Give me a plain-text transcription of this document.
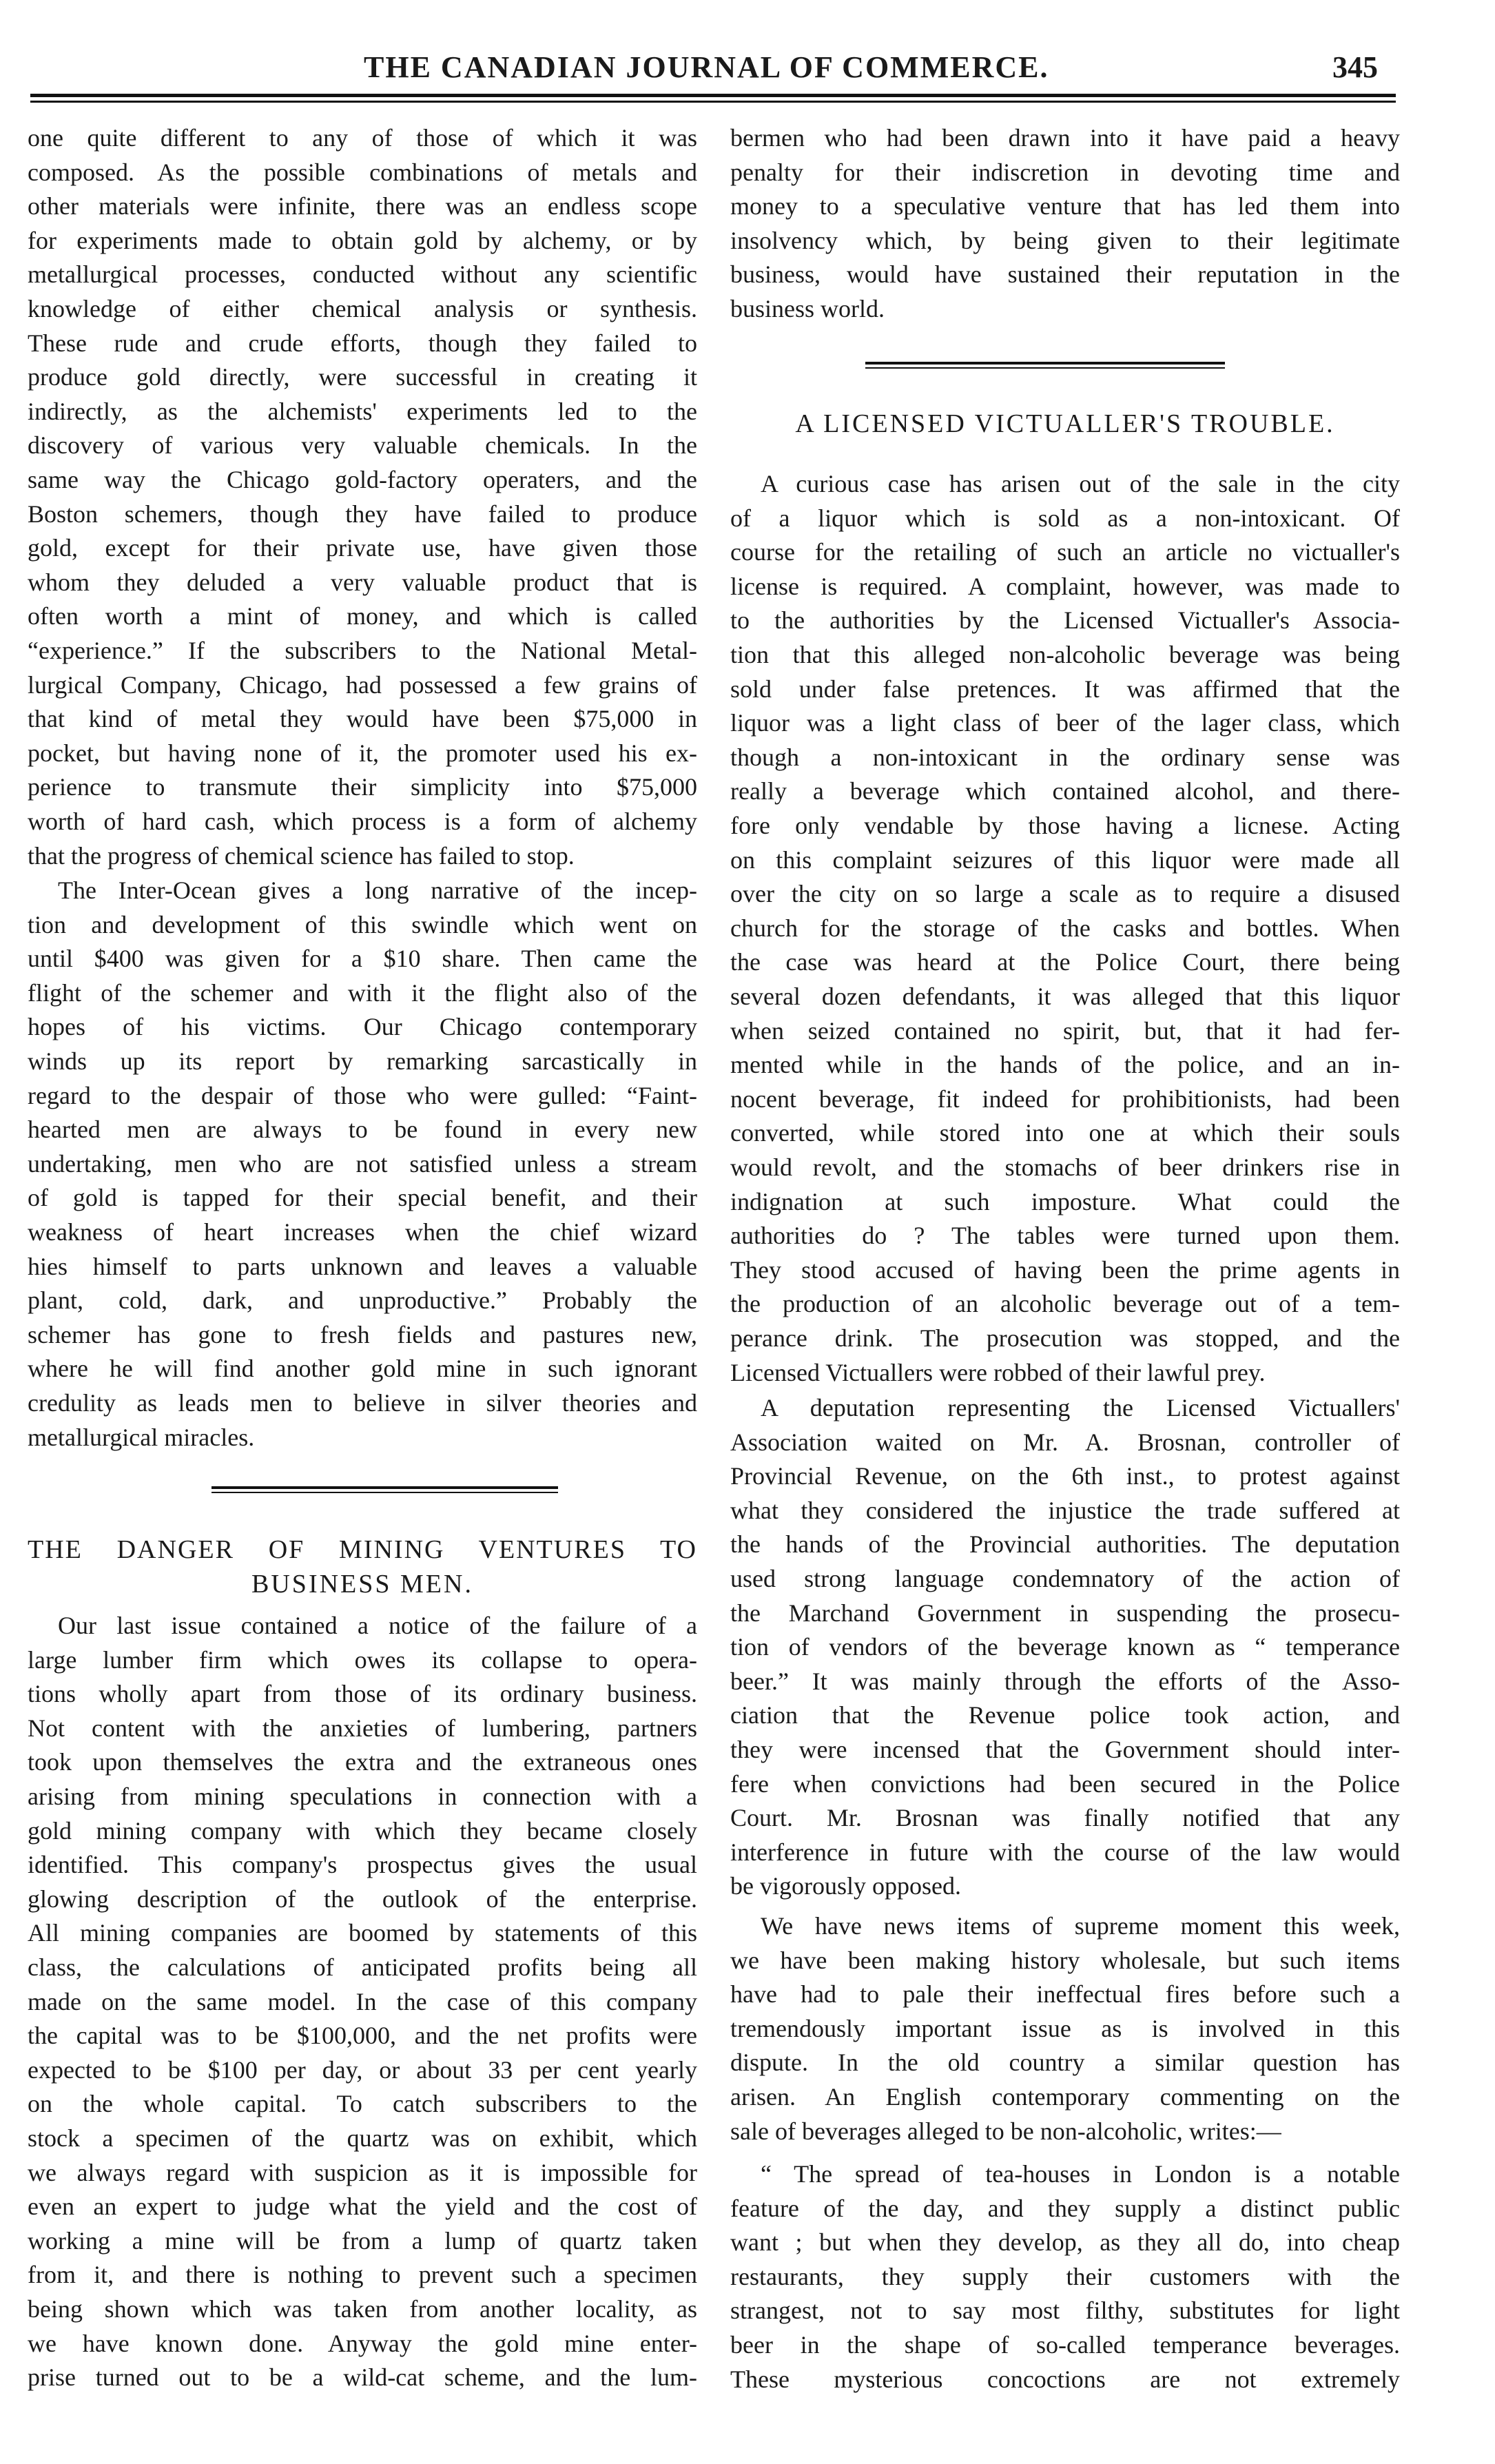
THE CANADIAN JOURNAL OF COMMERCE.	345
one quite different to any of those of which it was
composed. As the possible combinations of metals and
other materials were infinite, there was an endless scope
for experiments made to obtain gold by alchemy, or by
metallurgical processes, conducted without any scientific
knowledge of either chemical analysis or synthesis.
These rude and crude efforts, though they failed to
produce gold directly, were successful in creating it
indirectly, as the alchemists' experiments led to the
discovery of various very valuable chemicals. In the
same way the Chicago gold-factory operaters, and the
Boston schemers, though they have failed to produce
gold, except for their private use, have given those
whom they deluded a very valuable product that is
often worth a mint of money, and which is called
“experience.” If the subscribers to the National Metal-
lurgical Company, Chicago, had possessed a few grains of
that kind of metal they would have been $75,000 in
pocket, but having none of it, the promoter used his ex-
perience to transmute their simplicity into $75,000
worth of hard cash, which process is a form of alchemy
that the progress of chemical science has failed to stop.
The Inter-Ocean gives a long narrative of the incep-
tion and development of this swindle which went on
until $400 was given for a $10 share. Then came the
flight of the schemer and with it the flight also of the
hopes of his victims. Our Chicago contemporary
winds up its report by remarking sarcastically in
regard to the despair of those who were gulled: “Faint-
hearted men are always to be found in every new
undertaking, men who are not satisfied unless a stream
of gold is tapped for their special benefit, and their
weakness of heart increases when the chief wizard
hies himself to parts unknown and leaves a valuable
plant, cold, dark, and unproductive.” Probably the
schemer has gone to fresh fields and pastures new,
where he will find another gold mine in such ignorant
credulity as leads men to believe in silver theories and
metallurgical miracles.
THE DANGER OF MINING VENTURES TO
BUSINESS MEN.
Our last issue contained a notice of the failure of a
large lumber firm which owes its collapse to opera-
tions wholly apart from those of its ordinary business.
Not content with the anxieties of lumbering, partners
took upon themselves the extra and the extraneous ones
arising from mining speculations in connection with a
gold mining company with which they became closely
identified. This company's prospectus gives the usual
glowing description of the outlook of the enterprise.
All mining companies are boomed by statements of this
class, the calculations of anticipated profits being all
made on the same model. In the case of this company
the capital was to be $100,000, and the net profits were
expected to be $100 per day, or about 33 per cent yearly
on the whole capital. To catch subscribers to the
stock a specimen of the quartz was on exhibit, which
we always regard with suspicion as it is impossible for
even an expert to judge what the yield and the cost of
working a mine will be from a lump of quartz taken
from it, and there is nothing to prevent such a specimen
being shown which was taken from another locality, as
we have known done. Anyway the gold mine enter-
prise turned out to be a wild-cat scheme, and the lum-
bermen who had been drawn into it have paid a heavy
penalty for their indiscretion in devoting time and
money to a speculative venture that has led them into
insolvency which, by being given to their legitimate
business, would have sustained their reputation in the
business world.
A LICENSED VICTUALLER'S TROUBLE.
A curious case has arisen out of the sale in the city
of a liquor which is sold as a non-intoxicant. Of
course for the retailing of such an article no victualler's
license is required. A complaint, however, was made to
to the authorities by the Licensed Victualler's Associa-
tion that this alleged non-alcoholic beverage was being
sold under false pretences. It was affirmed that the
liquor was a light class of beer of the lager class, which
though a non-intoxicant in the ordinary sense was
really a beverage which contained alcohol, and there-
fore only vendable by those having a licnese. Acting
on this complaint seizures of this liquor were made all
over the city on so large a scale as to require a disused
church for the storage of the casks and bottles. When
the case was heard at the Police Court, there being
several dozen defendants, it was alleged that this liquor
when seized contained no spirit, but, that it had fer-
mented while in the hands of the police, and an in-
nocent beverage, fit indeed for prohibitionists, had been
converted, while stored into one at which their souls
would revolt, and the stomachs of beer drinkers rise in
indignation at such imposture. What could the
authorities do ? The tables were turned upon them.
They stood accused of having been the prime agents in
the production of an alcoholic beverage out of a tem-
perance drink. The prosecution was stopped, and the
Licensed Victuallers were robbed of their lawful prey.
A deputation representing the Licensed Victuallers'
Association waited on Mr. A. Brosnan, controller of
Provincial Revenue, on the 6th inst., to protest against
what they considered the injustice the trade suffered at
the hands of the Provincial authorities. The deputation
used strong language condemnatory of the action of
the Marchand Government in suspending the prosecu-
tion of vendors of the beverage known as “ temperance
beer.” It was mainly through the efforts of the Asso-
ciation that the Revenue police took action, and
they were incensed that the Government should inter-
fere when convictions had been secured in the Police
Court. Mr. Brosnan was finally notified that any
interference in future with the course of the law would
be vigorously opposed.
We have news items of supreme moment this week,
we have been making history wholesale, but such items
have had to pale their ineffectual fires before such a
tremendously important issue as is involved in this
dispute. In the old country a similar question has
arisen. An English contemporary commenting on the
sale of beverages alleged to be non-alcoholic, writes:—
“ The spread of tea-houses in London is a notable
feature of the day, and they supply a distinct public
want ; but when they develop, as they all do, into cheap
restaurants, they supply their customers with the
strangest, not to say most filthy, substitutes for light
beer in the shape of so-called temperance beverages.
These mysterious concoctions are not extremely
